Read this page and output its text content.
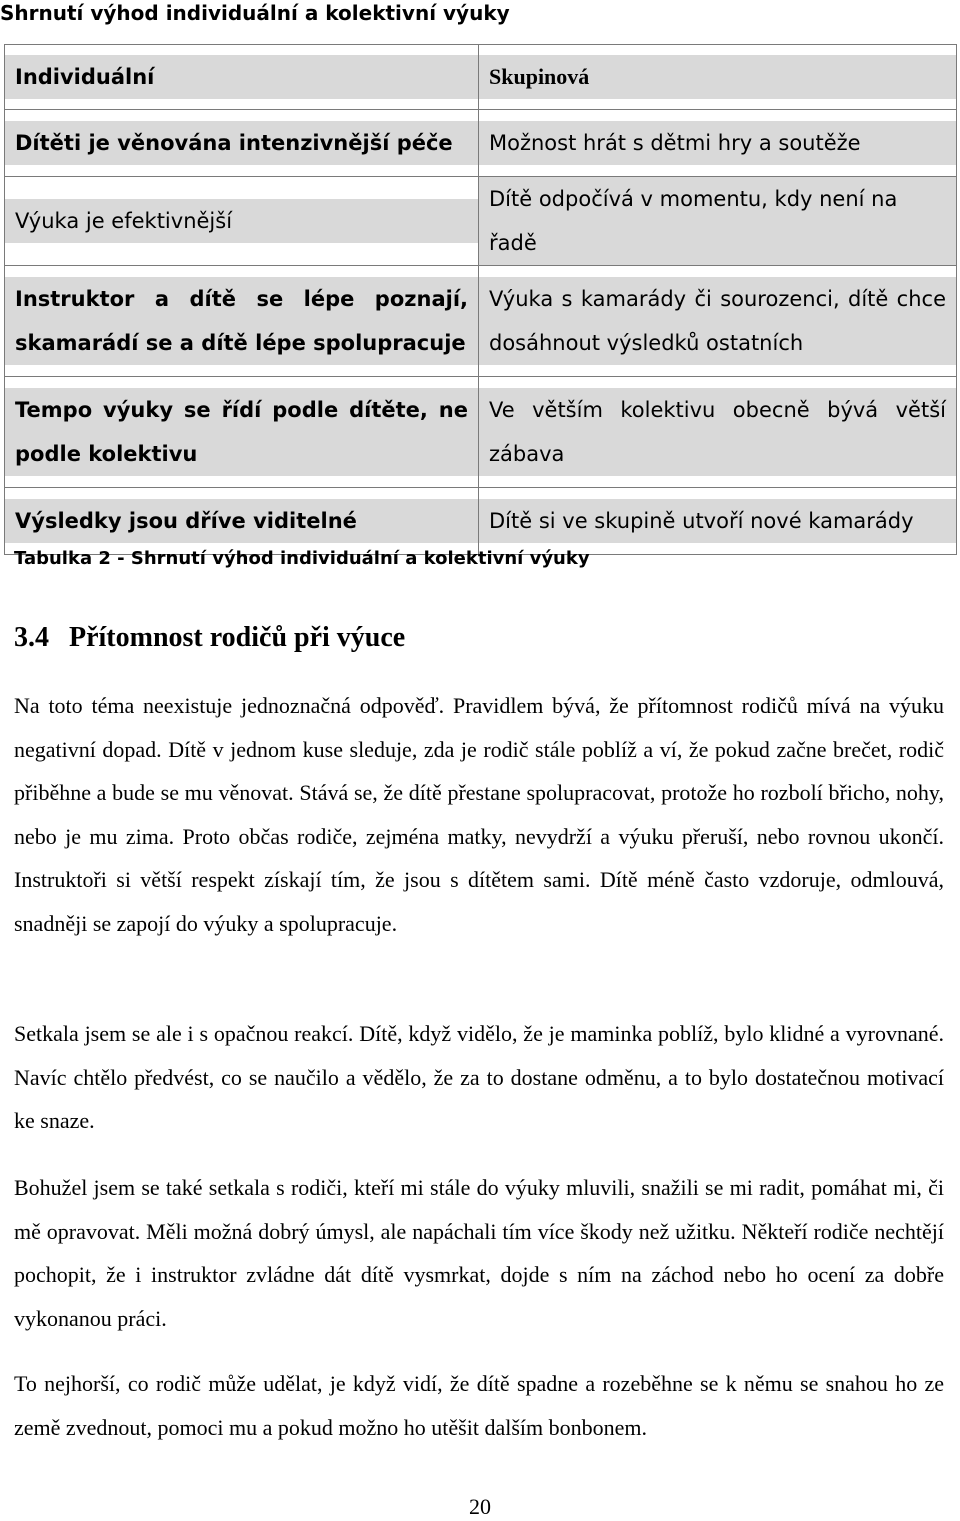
Shrnutí výhod individuální a kolektivní výuky
Individuální	Skupinová

Dítěti je věnována intenzivnější péče	Možnost hrát s dětmi hry a soutěže

Výuka je efektivnější	Dítě odpočívá v momentu, kdy není na řadě

Instruktor a dítě se lépe poznají, skamarádí se a dítě lépe spolupracuje	Výuka s kamarády či sourozenci, dítě chce dosáhnout výsledků ostatních

Tempo výuky se řídí podle dítěte, ne podle kolektivu	Ve větším kolektivu obecně bývá větší zábava

Výsledky jsou dříve viditelné	Dítě si ve skupině utvoří nové kamarády

Tabulka 2 - Shrnutí výhod individuální a kolektivní výuky

3.4 Přítomnost rodičů při výuce

Na toto téma neexistuje jednoznačná odpověď. Pravidlem bývá, že přítomnost rodičů mívá na výuku negativní dopad. Dítě v jednom kuse sleduje, zda je rodič stále poblíž a ví, že pokud začne brečet, rodič přiběhne a bude se mu věnovat. Stává se, že dítě přestane spolupracovat, protože ho rozbolí břicho, nohy, nebo je mu zima. Proto občas rodiče, zejména matky, nevydrží a výuku přeruší, nebo rovnou ukončí. Instruktoři si větší respekt získají tím, že jsou s dítětem sami. Dítě méně často vzdoruje, odmlouvá, snadněji se zapojí do výuky a spolupracuje.

Setkala jsem se ale i s opačnou reakcí. Dítě, když vidělo, že je maminka poblíž, bylo klidné a vyrovnané. Navíc chtělo předvést, co se naučilo a vědělo, že za to dostane odměnu, a to bylo dostatečnou motivací ke snaze.

Bohužel jsem se také setkala s rodiči, kteří mi stále do výuky mluvili, snažili se mi radit, pomáhat mi, či mě opravovat. Měli možná dobrý úmysl, ale napáchali tím více škody než užitku. Někteří rodiče nechtějí pochopit, že i instruktor zvládne dát dítě vysmrkat, dojde s ním na záchod nebo ho ocení za dobře vykonanou práci.

To nejhorší, co rodič může udělat, je když vidí, že dítě spadne a rozeběhne se k němu se snahou ho ze země zvednout, pomoci mu a pokud možno ho utěšit dalším bonbonem.

20
